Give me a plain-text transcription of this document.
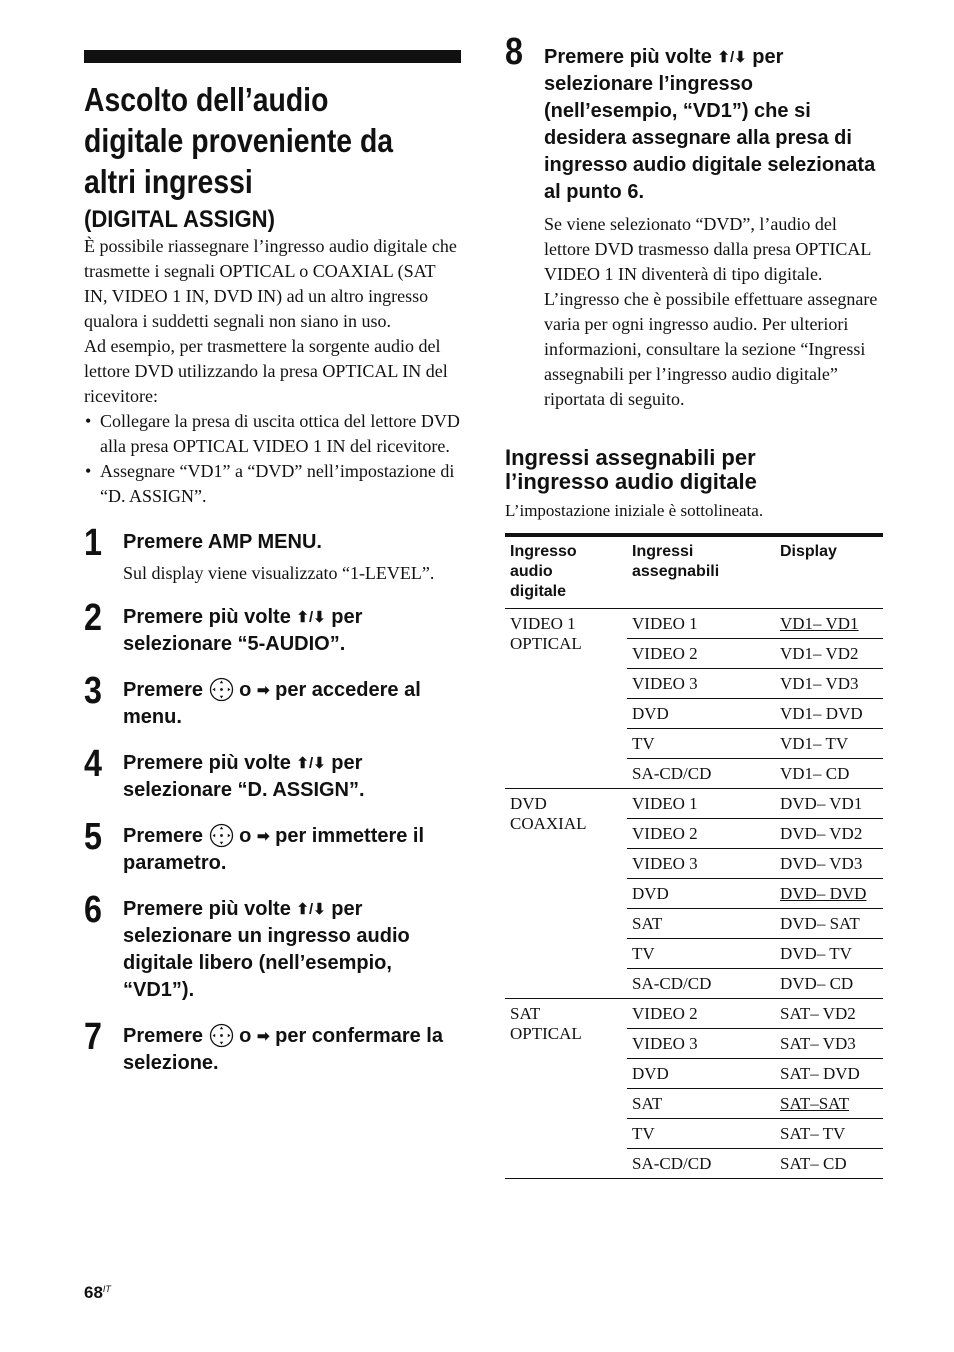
Ascolto dell’audio
digitale proveniente da
altri ingressi
(DIGITAL ASSIGN)

È possibile riassegnare l’ingresso audio digitale che trasmette i segnali OPTICAL o COAXIAL (SAT IN, VIDEO 1 IN, DVD IN) ad un altro ingresso qualora i suddetti segnali non siano in uso.

Ad esempio, per trasmettere la sorgente audio del lettore DVD utilizzando la presa OPTICAL IN del ricevitore:

• Collegare la presa di uscita ottica del lettore DVD alla presa OPTICAL VIDEO 1 IN del ricevitore.
• Assegnare “VD1” a “DVD” nell’impostazione di “D. ASSIGN”.
1 Premere AMP MENU.
Sul display viene visualizzato “1-LEVEL”.
2 Premere più volte ⬆/⬇ per selezionare “5-AUDIO”.
3 Premere  o ➡ per accedere al menu.
4 Premere più volte ⬆/⬇ per selezionare “D. ASSIGN”.
5 Premere  o ➡ per immettere il parametro.
6 Premere più volte ⬆/⬇ per selezionare un ingresso audio digitale libero (nell’esempio, “VD1”).
7 Premere  o ➡ per confermare la selezione.
8 Premere più volte ⬆/⬇ per selezionare l’ingresso (nell’esempio, “VD1”) che si desidera assegnare alla presa di ingresso audio digitale selezionata al punto 6.
Se viene selezionato “DVD”, l’audio del lettore DVD trasmesso dalla presa OPTICAL VIDEO 1 IN diventerà di tipo digitale.
L’ingresso che è possibile effettuare assegnare varia per ogni ingresso audio. Per ulteriori informazioni, consultare la sezione “Ingressi assegnabili per l’ingresso audio digitale” riportata di seguito.
Ingressi assegnabili per
l’ingresso audio digitale

L’impostazione iniziale è sottolineata.

Ingresso
audio
digitale	Ingressi
assegnabili	Display

VIDEO 1
OPTICAL	VIDEO 1	VD1– VD1
	VIDEO 2	VD1– VD2
	VIDEO 3	VD1– VD3
	DVD	VD1– DVD
	TV	VD1– TV
	SA-CD/CD	VD1– CD

DVD
COAXIAL	VIDEO 1	DVD– VD1
	VIDEO 2	DVD– VD2
	VIDEO 3	DVD– VD3
	DVD	DVD– DVD
	SAT	DVD– SAT
	TV	DVD– TV
	SA-CD/CD	DVD– CD

SAT
OPTICAL	VIDEO 2	SAT– VD2
	VIDEO 3	SAT– VD3
	DVD	SAT– DVD
	SAT	SAT–SAT
	TV	SAT– TV
	SA-CD/CD	SAT– CD
$68^{IT}$
